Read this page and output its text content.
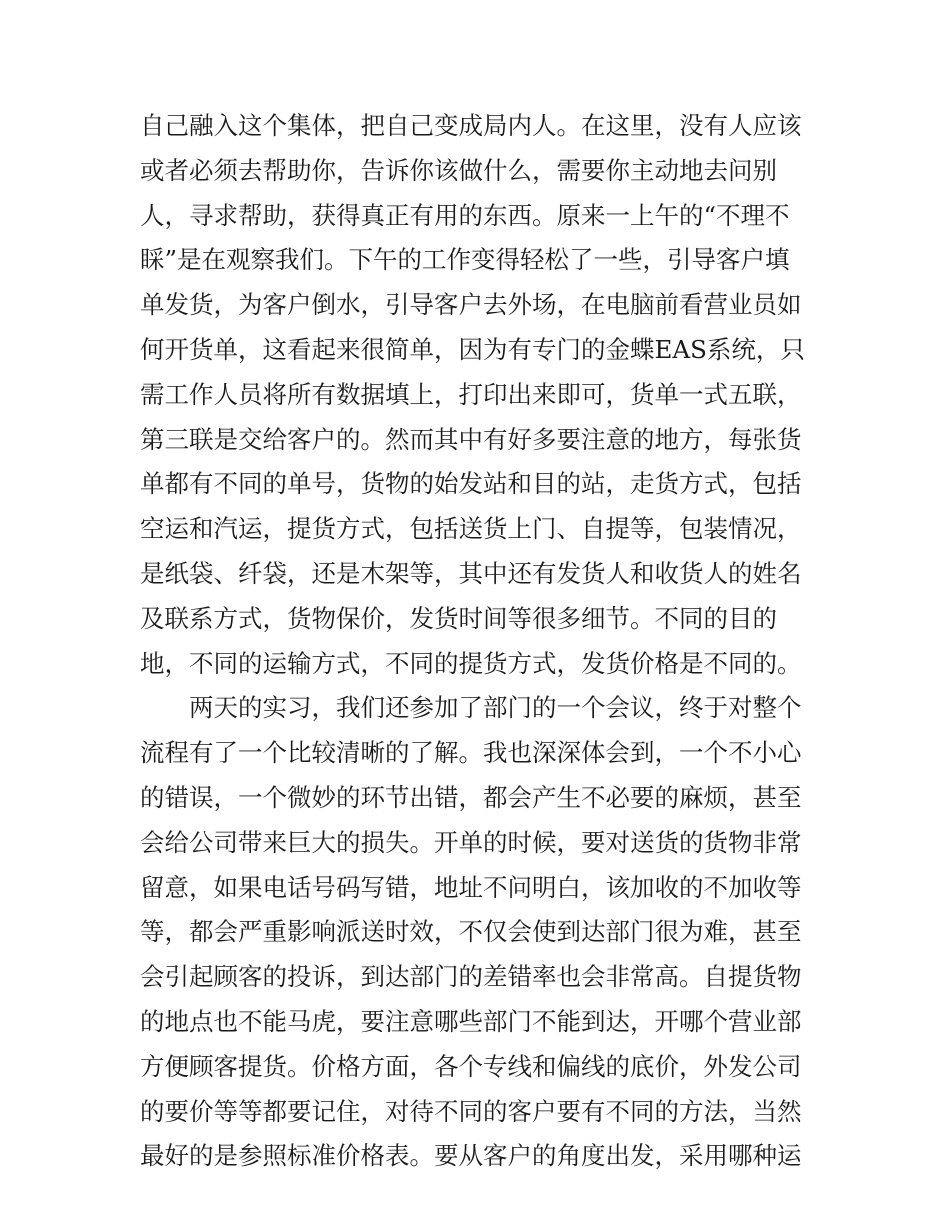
自己融入这个集体，把自己变成局内人。在这里，没有人应该
或者必须去帮助你，告诉你该做什么，需要你主动地去问别
人，寻求帮助，获得真正有用的东西。原来一上午的“不理不
睬”是在观察我们。下午的工作变得轻松了一些，引导客户填
单发货，为客户倒水，引导客户去外场，在电脑前看营业员如
何开货单，这看起来很简单，因为有专门的金蝶EAS系统，只
需工作人员将所有数据填上，打印出来即可，货单一式五联，
第三联是交给客户的。然而其中有好多要注意的地方，每张货
单都有不同的单号，货物的始发站和目的站，走货方式，包括
空运和汽运，提货方式，包括送货上门、自提等，包装情况，
是纸袋、纤袋，还是木架等，其中还有发货人和收货人的姓名
及联系方式，货物保价，发货时间等很多细节。不同的目的
地，不同的运输方式，不同的提货方式，发货价格是不同的。
两天的实习，我们还参加了部门的一个会议，终于对整个
流程有了一个比较清晰的了解。我也深深体会到，一个不小心
的错误，一个微妙的环节出错，都会产生不必要的麻烦，甚至
会给公司带来巨大的损失。开单的时候，要对送货的货物非常
留意，如果电话号码写错，地址不问明白，该加收的不加收等
等，都会严重影响派送时效，不仅会使到达部门很为难，甚至
会引起顾客的投诉，到达部门的差错率也会非常高。自提货物
的地点也不能马虎，要注意哪些部门不能到达，开哪个营业部
方便顾客提货。价格方面，各个专线和偏线的底价，外发公司
的要价等等都要记住，对待不同的客户要有不同的方法，当然
最好的是参照标准价格表。要从客户的角度出发，采用哪种运
